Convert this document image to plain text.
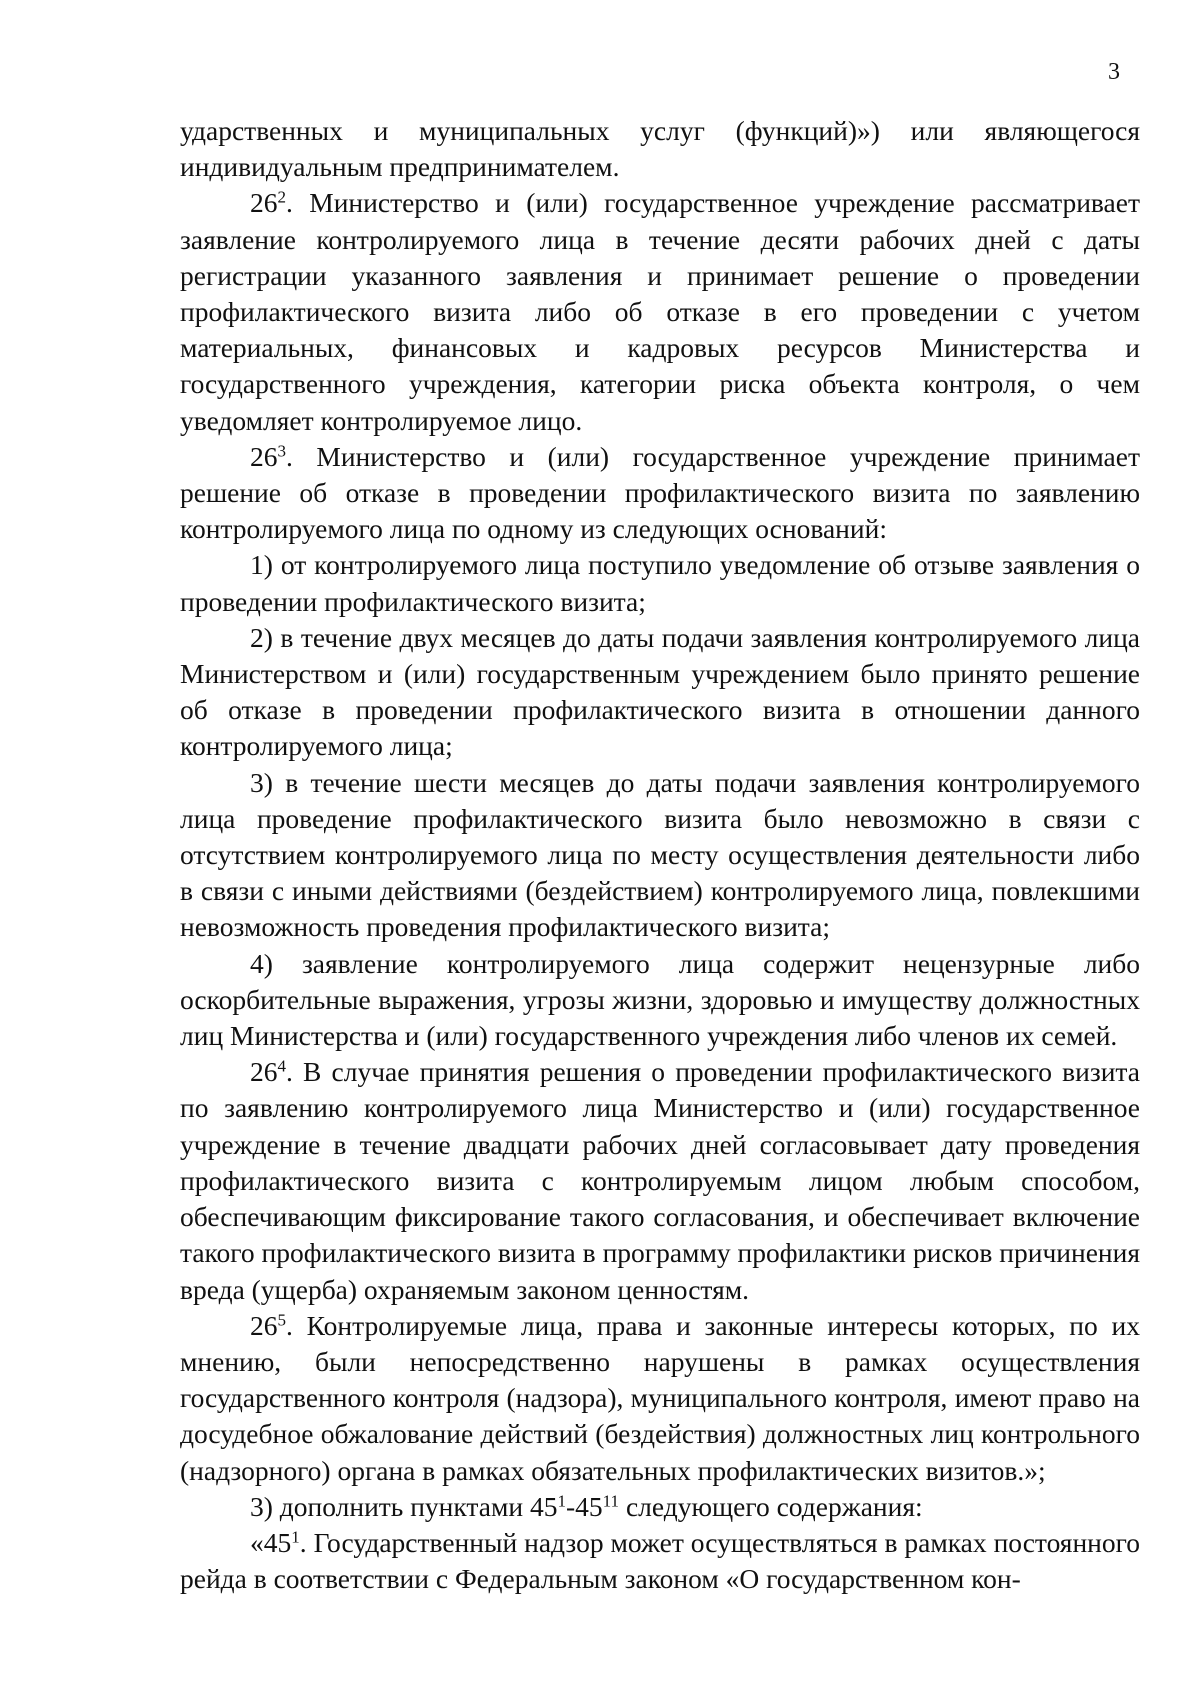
3

ударственных и муниципальных услуг (функций)») или являющегося индивидуальным предпринимателем.

$26^2$. Министерство и (или) государственное учреждение рассматривает заявление контролируемого лица в течение десяти рабочих дней с даты регистрации указанного заявления и принимает решение о проведении профилактического визита либо об отказе в его проведении с учетом материальных, финансовых и кадровых ресурсов Министерства и государственного учреждения, категории риска объекта контроля, о чем уведомляет контролируемое лицо.

$26^3$. Министерство и (или) государственное учреждение принимает решение об отказе в проведении профилактического визита по заявлению контролируемого лица по одному из следующих оснований:

1) от контролируемого лица поступило уведомление об отзыве заявления о проведении профилактического визита;

2) в течение двух месяцев до даты подачи заявления контролируемого лица Министерством и (или) государственным учреждением было принято решение об отказе в проведении профилактического визита в отношении данного контролируемого лица;

3) в течение шести месяцев до даты подачи заявления контролируемого лица проведение профилактического визита было невозможно в связи с отсутствием контролируемого лица по месту осуществления деятельности либо в связи с иными действиями (бездействием) контролируемого лица, повлекшими невозможность проведения профилактического визита;

4) заявление контролируемого лица содержит нецензурные либо оскорбительные выражения, угрозы жизни, здоровью и имуществу должностных лиц Министерства и (или) государственного учреждения либо членов их семей.

$26^4$. В случае принятия решения о проведении профилактического визита по заявлению контролируемого лица Министерство и (или) государственное учреждение в течение двадцати рабочих дней согласовывает дату проведения профилактического визита с контролируемым лицом любым способом, обеспечивающим фиксирование такого согласования, и обеспечивает включение такого профилактического визита в программу профилактики рисков причинения вреда (ущерба) охраняемым законом ценностям.

$26^5$. Контролируемые лица, права и законные интересы которых, по их мнению, были непосредственно нарушены в рамках осуществления государственного контроля (надзора), муниципального контроля, имеют право на досудебное обжалование действий (бездействия) должностных лиц контрольного (надзорного) органа в рамках обязательных профилактических визитов.»;

3) дополнить пунктами $45^1-45^{11}$ следующего содержания:

«$45^1$. Государственный надзор может осуществляться в рамках постоянного рейда в соответствии с Федеральным законом «О государственном кон-
